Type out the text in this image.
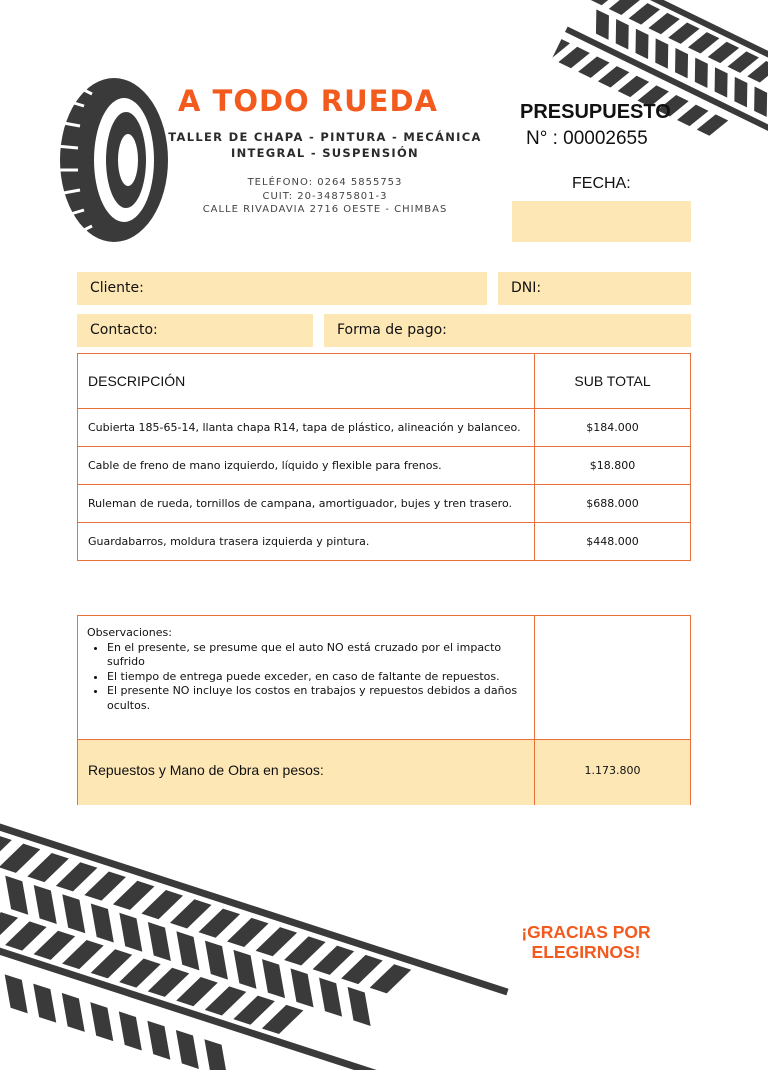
A TODO RUEDA
TALLER DE CHAPA - PINTURA - MECÁNICA INTEGRAL - SUSPENSIÓN
TELÉFONO: 0264 5855753
CUIT: 20-34875801-3
CALLE RIVADAVIA 2716 OESTE - CHIMBAS
PRESUPUESTO
N° : 00002655
FECHA:
Cliente:	DNI:
Contacto:	Forma de pago:
DESCRIPCIÓN	SUB TOTAL
Cubierta 185-65-14, llanta chapa R14, tapa de plástico, alineación y balanceo.	$184.000
Cable de freno de mano izquierdo, líquido y flexible para frenos.	$18.800
Ruleman de rueda, tornillos de campana, amortiguador, bujes y tren trasero.	$688.000
Guardabarros, moldura trasera izquierda y pintura.	$448.000
Observaciones:
• En el presente, se presume que el auto NO está cruzado por el impacto sufrido
• El tiempo de entrega puede exceder, en caso de faltante de repuestos.
• El presente NO incluye los costos en trabajos y repuestos debidos a daños ocultos.
Repuestos y Mano de Obra en pesos:	1.173.800
¡GRACIAS POR ELEGIRNOS!
